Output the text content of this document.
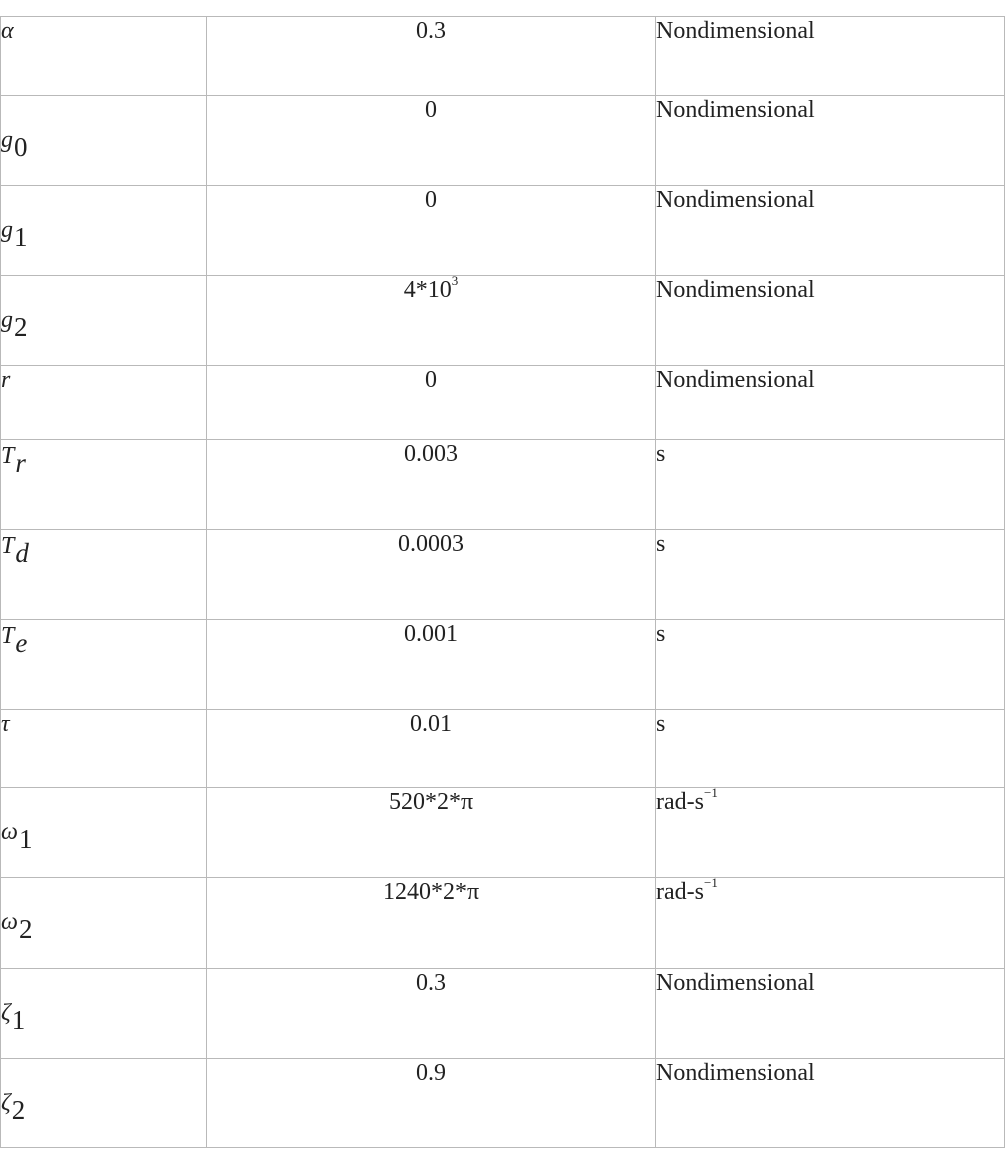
α	0.3	Nondimensional
g0	0	Nondimensional
g1	0	Nondimensional
g2	$4*10^3$	Nondimensional
r	0	Nondimensional
Tr	0.003	s
Td	0.0003	s
Te	0.001	s
τ	0.01	s
ω1	520*2*π	rad-$s^{-1}$
ω2	1240*2*π	rad-$s^{-1}$
ζ1	0.3	Nondimensional
ζ2	0.9	Nondimensional
